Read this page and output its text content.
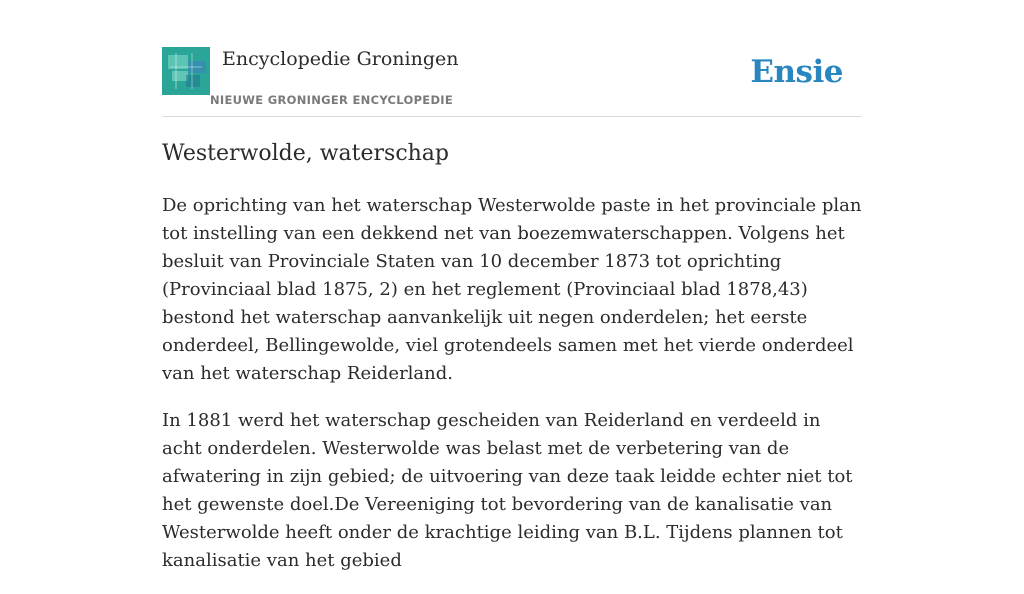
Encyclopedie Groningen
NIEUWE GRONINGER ENCYCLOPEDIE
Ensie
Westerwolde, waterschap

De oprichting van het waterschap Westerwolde paste in het provinciale plan tot instelling van een dekkend net van boezemwaterschappen. Volgens het besluit van Provinciale Staten van 10 december 1873 tot oprichting (Provinciaal blad 1875, 2) en het reglement (Provinciaal blad 1878,43) bestond het waterschap aanvankelijk uit negen onderdelen; het eerste onderdeel, Bellingewolde, viel grotendeels samen met het vierde onderdeel van het waterschap Reiderland.

In 1881 werd het waterschap gescheiden van Reiderland en verdeeld in acht onderdelen. Westerwolde was belast met de verbetering van de afwatering in zijn gebied; de uitvoering van deze taak leidde echter niet tot het gewenste doel.De Vereeniging tot bevordering van de kanalisatie van Westerwolde heeft onder de krachtige leiding van B.L. Tijdens plannen tot kanalisatie van het gebied
